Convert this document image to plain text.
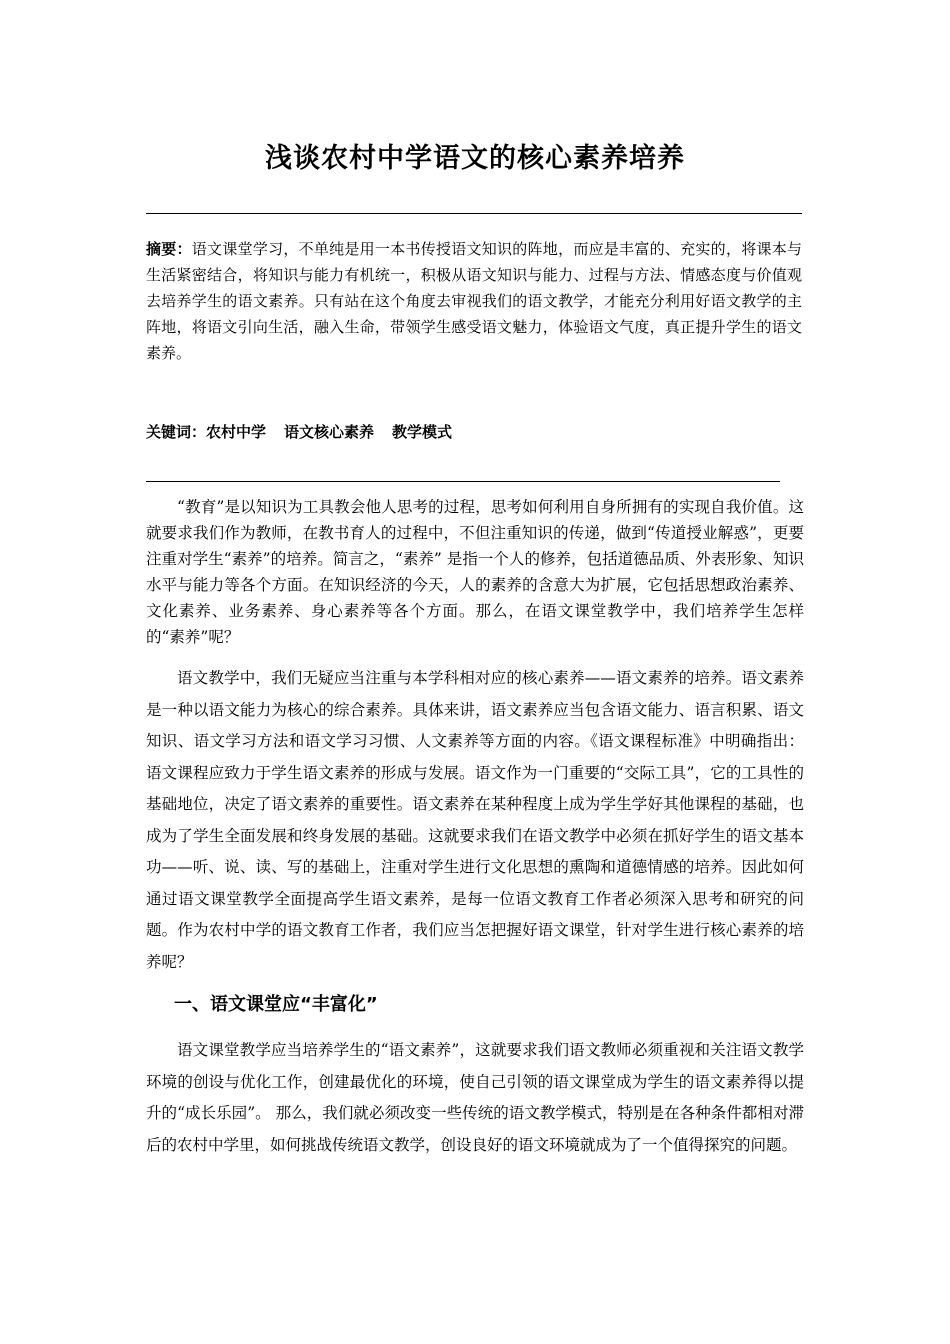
浅谈农村中学语文的核心素养培养
摘要：语文课堂学习，不单纯是用一本书传授语文知识的阵地，而应是丰富的、充实的，将课本与生活紧密结合，将知识与能力有机统一，积极从语文知识与能力、过程与方法、情感态度与价值观去培养学生的语文素养。只有站在这个角度去审视我们的语文教学，才能充分利用好语文教学的主阵地，将语文引向生活，融入生命，带领学生感受语文魅力，体验语文气度，真正提升学生的语文素养。
关键词：农村中学 语文核心素养 教学模式

“教育”是以知识为工具教会他人思考的过程，思考如何利用自身所拥有的实现自我价值。这就要求我们作为教师，在教书育人的过程中，不但注重知识的传递，做到“传道授业解惑”，更要注重对学生“素养”的培养。简言之，“素养” 是指一个人的修养，包括道德品质、外表形象、知识水平与能力等各个方面。在知识经济的今天，人的素养的含意大为扩展，它包括思想政治素养、文化素养、业务素养、身心素养等各个方面。那么，在语文课堂教学中，我们培养学生怎样的“素养”呢？

语文教学中，我们无疑应当注重与本学科相对应的核心素养——语文素养的培养。语文素养是一种以语文能力为核心的综合素养。具体来讲，语文素养应当包含语文能力、语言积累、语文知识、语文学习方法和语文学习习惯、人文素养等方面的内容。《语文课程标准》中明确指出：语文课程应致力于学生语文素养的形成与发展。语文作为一门重要的“交际工具”，它的工具性的基础地位，决定了语文素养的重要性。语文素养在某种程度上成为学生学好其他课程的基础，也成为了学生全面发展和终身发展的基础。这就要求我们在语文教学中必须在抓好学生的语文基本功——听、说、读、写的基础上，注重对学生进行文化思想的熏陶和道德情感的培养。因此如何通过语文课堂教学全面提高学生语文素养，是每一位语文教育工作者必须深入思考和研究的问题。作为农村中学的语文教育工作者，我们应当怎把握好语文课堂，针对学生进行核心素养的培养呢？

一、语文课堂应“丰富化”

语文课堂教学应当培养学生的“语文素养”，这就要求我们语文教师必须重视和关注语文教学环境的创设与优化工作，创建最优化的环境，使自己引领的语文课堂成为学生的语文素养得以提升的“成长乐园”。 那么，我们就必须改变一些传统的语文教学模式，特别是在各种条件都相对滞后的农村中学里，如何挑战传统语文教学，创设良好的语文环境就成为了一个值得探究的问题。
